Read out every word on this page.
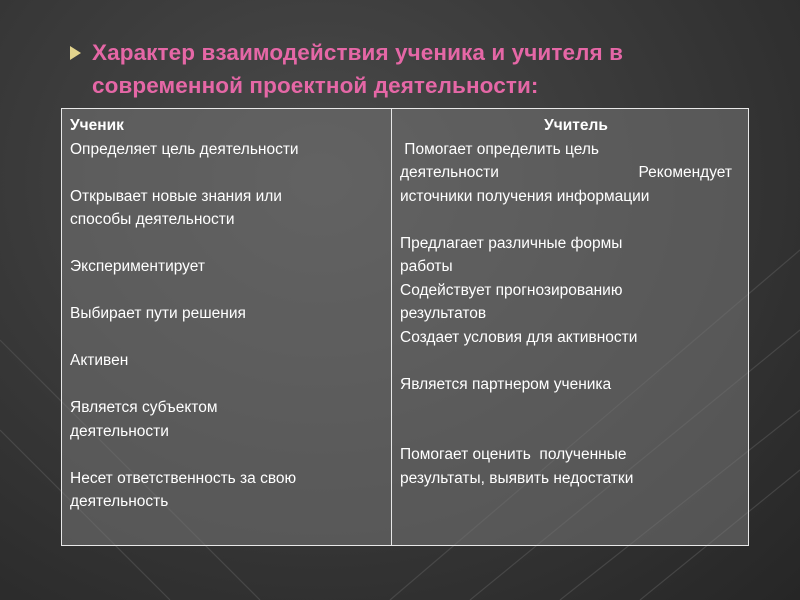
Характер взаимодействия ученика и учителя в
современной проектной деятельности:
Ученик
Определяет цель деятельности
Открывает новые знания или
способы деятельности
Экспериментирует
Выбирает пути решения
Активен
Является субъектом
деятельности
Несет ответственность за свою
деятельность
Учитель
Помогает определить цель
деятельности Рекомендует
источники получения информации
Предлагает различные формы
работы
Содействует прогнозированию
результатов
Создает условия для активности
Является партнером ученика
Помогает оценить  полученные
результаты, выявить недостатки
